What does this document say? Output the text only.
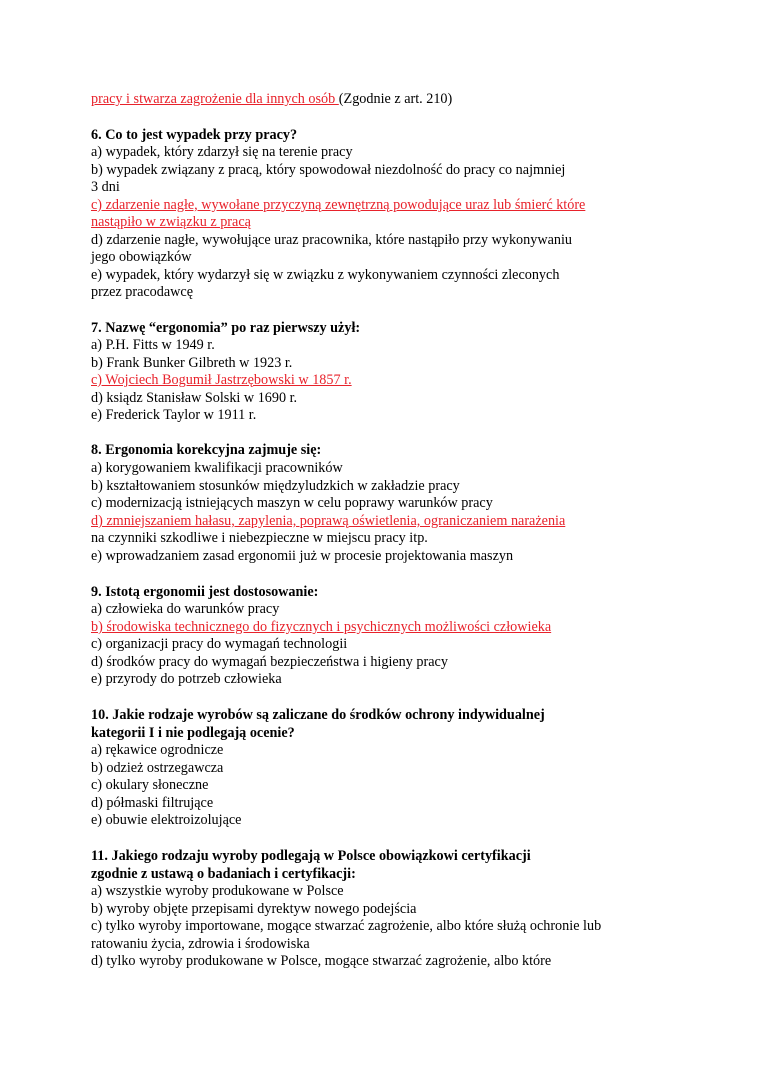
pracy i stwarza zagrożenie dla innych osób (Zgodnie z art. 210)
6. Co to jest wypadek przy pracy?
a) wypadek, który zdarzył się na terenie pracy
b) wypadek związany z pracą, który spowodował niezdolność do pracy co najmniej
3 dni
c) zdarzenie nagłe, wywołane przyczyną zewnętrzną powodujące uraz lub śmierć które
nastąpiło w związku z pracą
d) zdarzenie nagłe, wywołujące uraz pracownika, które nastąpiło przy wykonywaniu
jego obowiązków
e) wypadek, który wydarzył się w związku z wykonywaniem czynności zleconych
przez pracodawcę
7. Nazwę “ergonomia” po raz pierwszy użył:
a) P.H. Fitts w 1949 r.
b) Frank Bunker Gilbreth w 1923 r.
c) Wojciech Bogumił Jastrzębowski w 1857 r.
d) ksiądz Stanisław Solski w 1690 r.
e) Frederick Taylor w 1911 r.
8. Ergonomia korekcyjna zajmuje się:
a) korygowaniem kwalifikacji pracowników
b) kształtowaniem stosunków międzyludzkich w zakładzie pracy
c) modernizacją istniejących maszyn w celu poprawy warunków pracy
d) zmniejszaniem hałasu, zapylenia, poprawą oświetlenia, ograniczaniem narażenia
na czynniki szkodliwe i niebezpieczne w miejscu pracy itp.
e) wprowadzaniem zasad ergonomii już w procesie projektowania maszyn
9. Istotą ergonomii jest dostosowanie:
a) człowieka do warunków pracy
b) środowiska technicznego do fizycznych i psychicznych możliwości człowieka
c) organizacji pracy do wymagań technologii
d) środków pracy do wymagań bezpieczeństwa i higieny pracy
e) przyrody do potrzeb człowieka
10. Jakie rodzaje wyrobów są zaliczane do środków ochrony indywidualnej
kategorii I i nie podlegają ocenie?
a) rękawice ogrodnicze
b) odzież ostrzegawcza
c) okulary słoneczne
d) półmaski filtrujące
e) obuwie elektroizolujące
11. Jakiego rodzaju wyroby podlegają w Polsce obowiązkowi certyfikacji
zgodnie z ustawą o badaniach i certyfikacji:
a) wszystkie wyroby produkowane w Polsce
b) wyroby objęte przepisami dyrektyw nowego podejścia
c) tylko wyroby importowane, mogące stwarzać zagrożenie, albo które służą ochronie lub
ratowaniu życia, zdrowia i środowiska
d) tylko wyroby produkowane w Polsce, mogące stwarzać zagrożenie, albo które
